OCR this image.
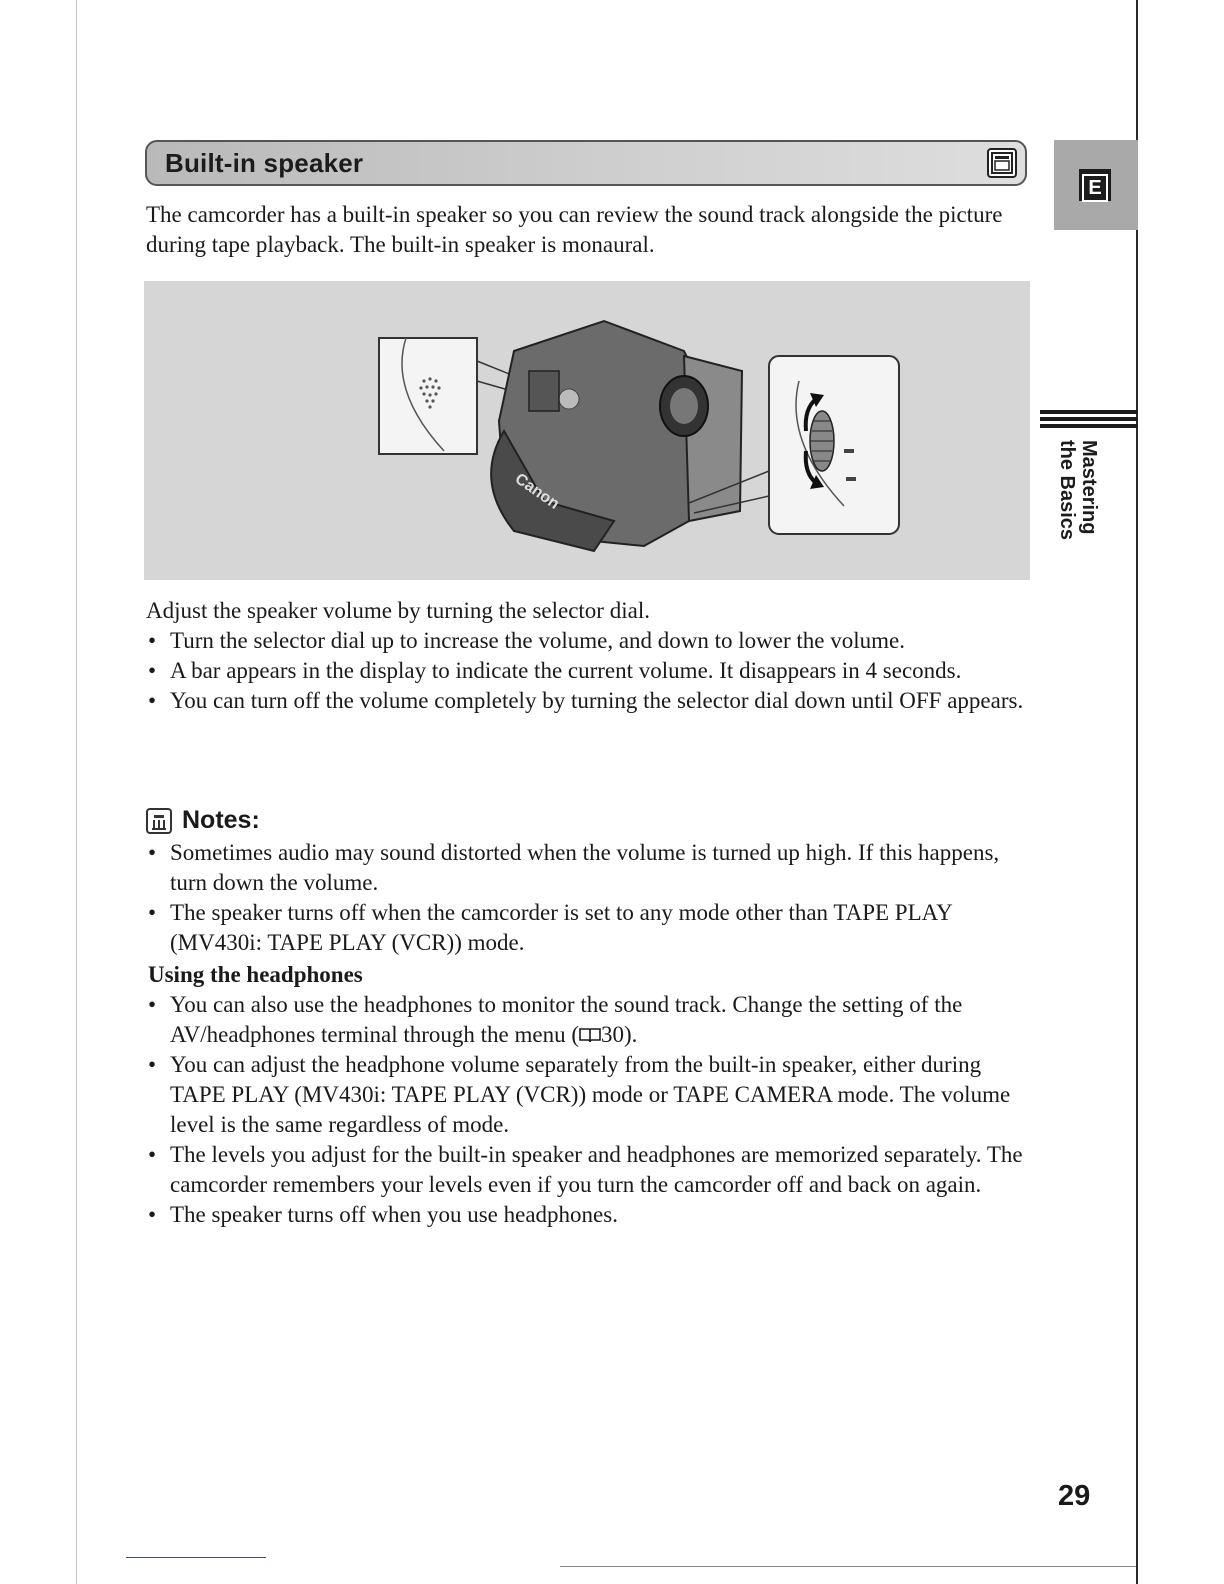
Built-in speaker
E
Mastering the Basics
The camcorder has a built-in speaker so you can review the sound track alongside the picture during tape playback. The built-in speaker is monaural.
Canon
Adjust the speaker volume by turning the selector dial.
• Turn the selector dial up to increase the volume, and down to lower the volume.
• A bar appears in the display to indicate the current volume. It disappears in 4 seconds.
• You can turn off the volume completely by turning the selector dial down until OFF appears.
Notes:
• Sometimes audio may sound distorted when the volume is turned up high. If this happens, turn down the volume.
• The speaker turns off when the camcorder is set to any mode other than TAPE PLAY (MV430i: TAPE PLAY (VCR)) mode.
Using the headphones
• You can also use the headphones to monitor the sound track. Change the setting of the AV/headphones terminal through the menu ( 30).
• You can adjust the headphone volume separately from the built-in speaker, either during TAPE PLAY (MV430i: TAPE PLAY (VCR)) mode or TAPE CAMERA mode. The volume level is the same regardless of mode.
• The levels you adjust for the built-in speaker and headphones are memorized separately. The camcorder remembers your levels even if you turn the camcorder off and back on again.
• The speaker turns off when you use headphones.
29
